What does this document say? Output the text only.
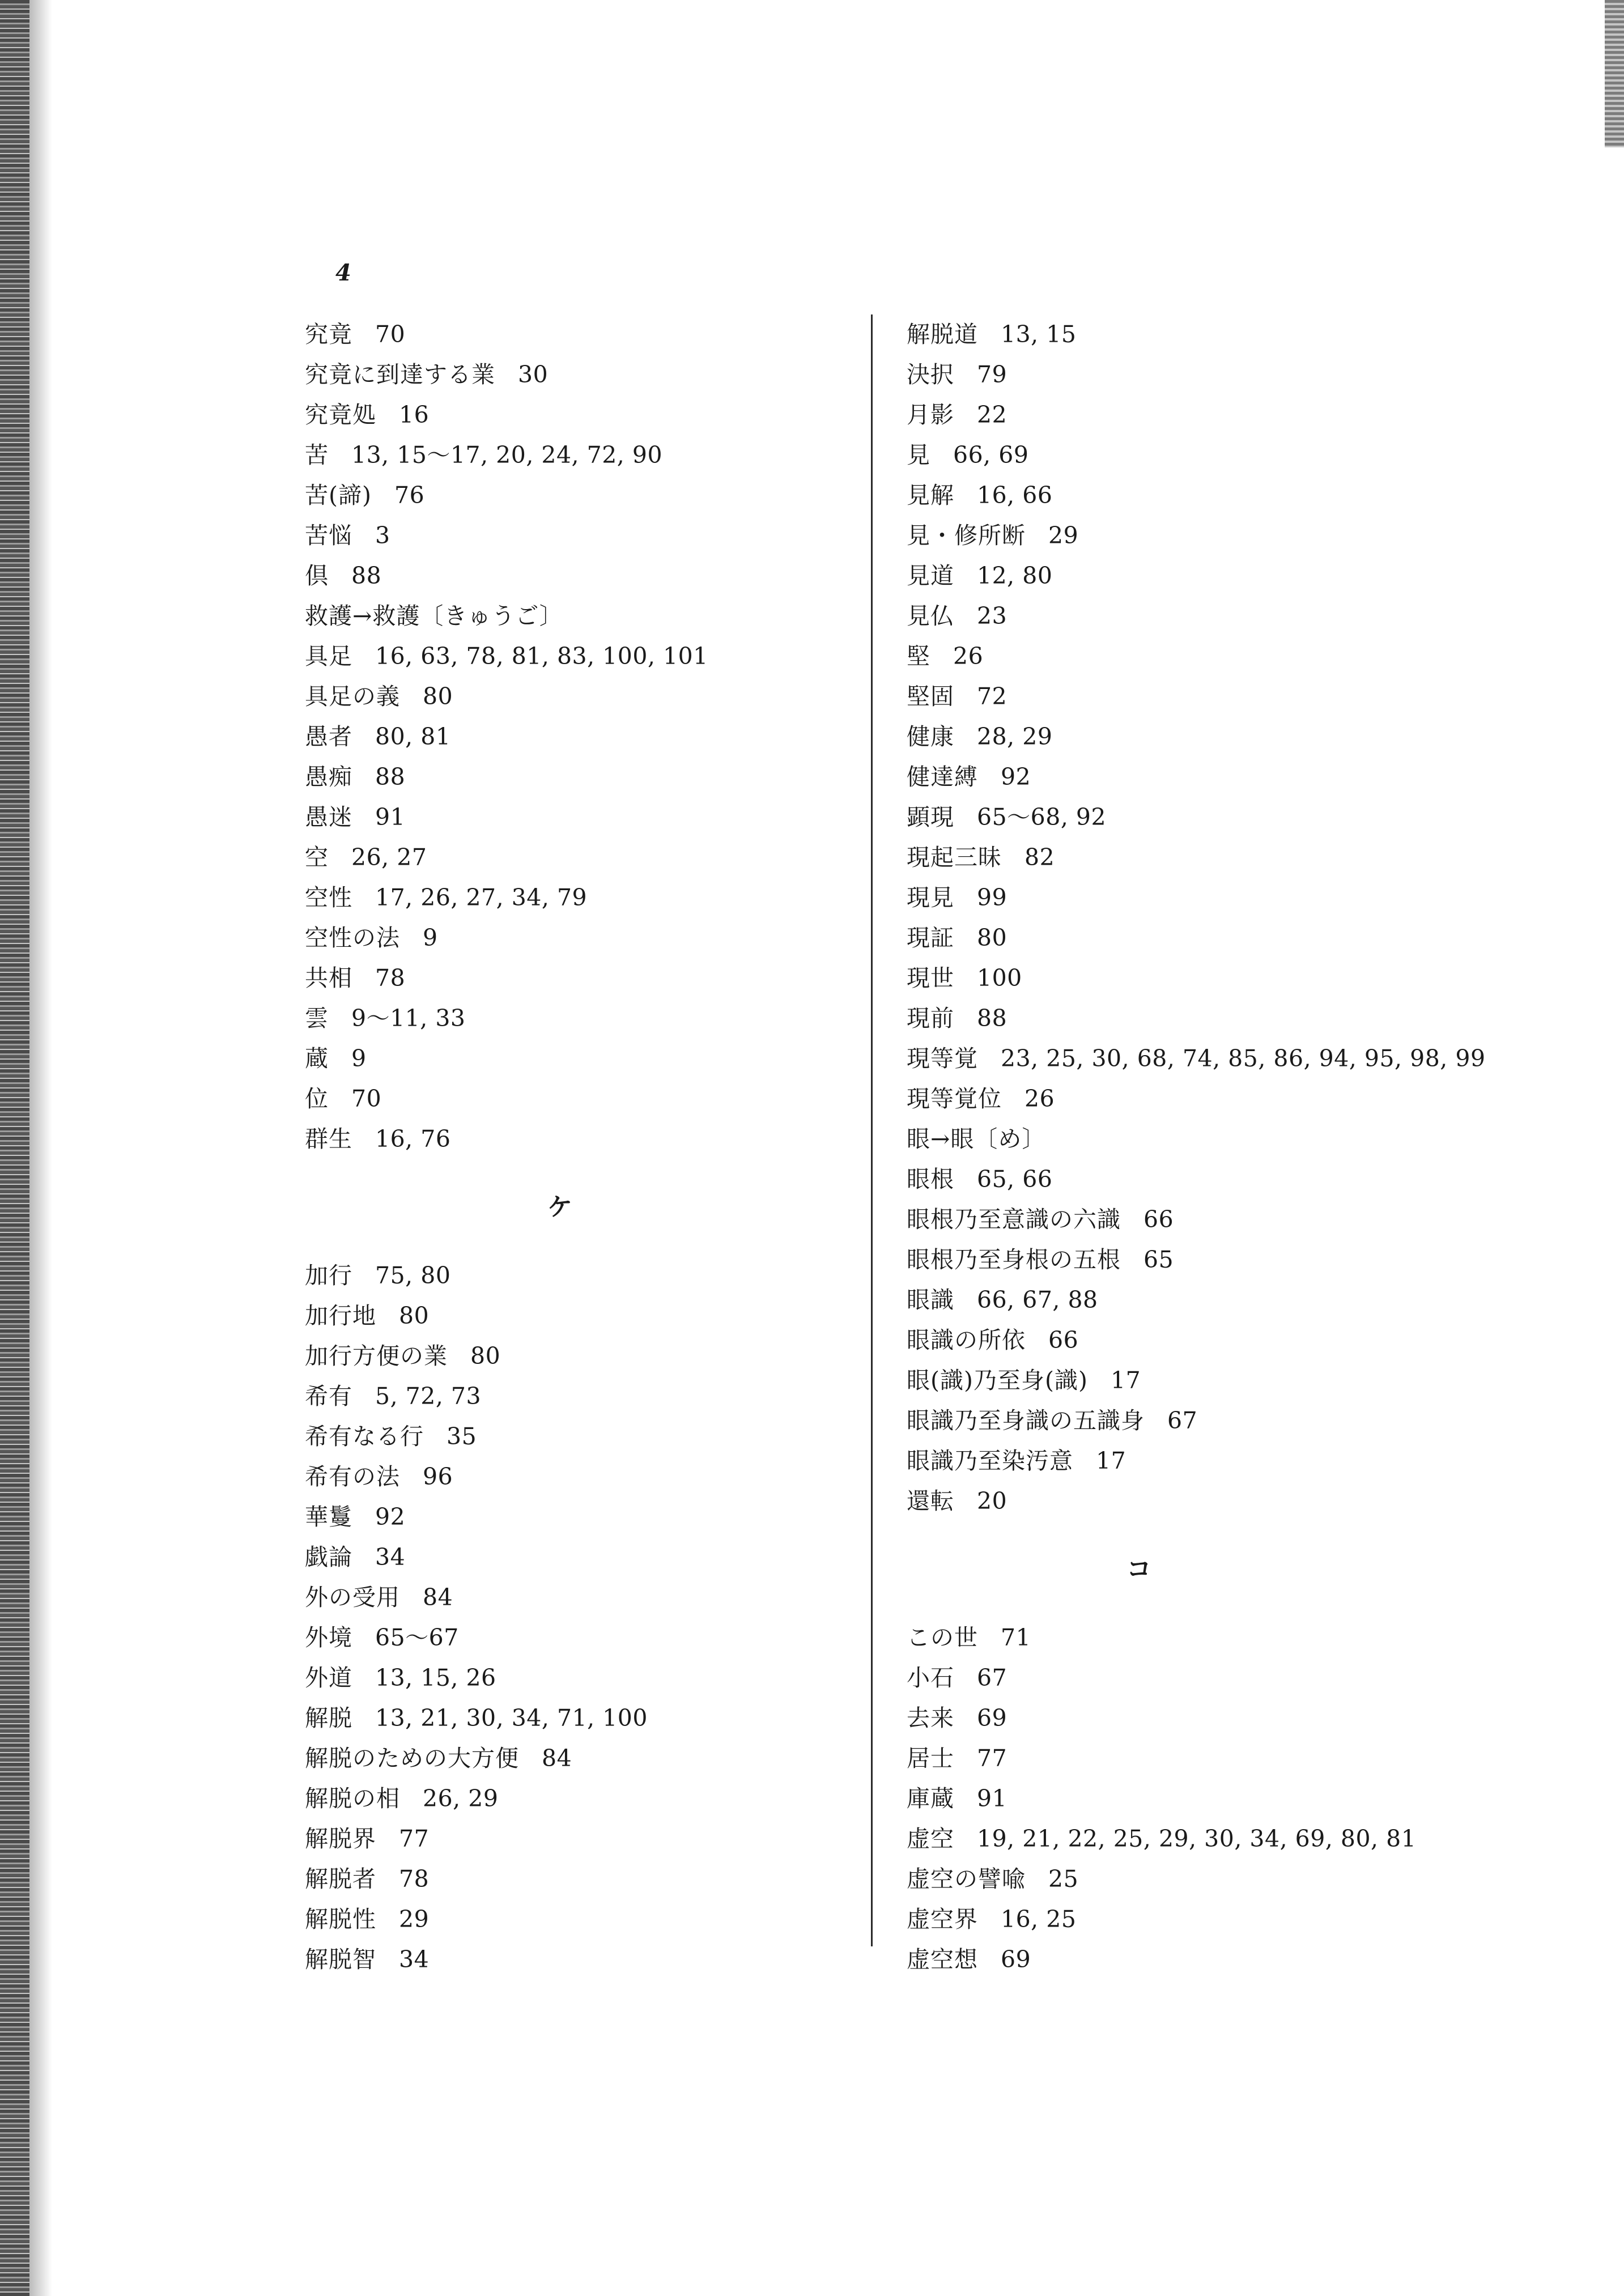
4
究竟 70
究竟に到達する業 30
究竟処 16
苦 13, 15〜17, 20, 24, 72, 90
苦(諦) 76
苦悩 3
倶 88
救護→救護〔きゅうご〕
具足 16, 63, 78, 81, 83, 100, 101
具足の義 80
愚者 80, 81
愚痴 88
愚迷 91
空 26, 27
空性 17, 26, 27, 34, 79
空性の法 9
共相 78
雲 9〜11, 33
蔵 9
位 70
群生 16, 76
ケ
加行 75, 80
加行地 80
加行方便の業 80
希有 5, 72, 73
希有なる行 35
希有の法 96
華鬘 92
戯論 34
外の受用 84
外境 65〜67
外道 13, 15, 26
解脱 13, 21, 30, 34, 71, 100
解脱のための大方便 84
解脱の相 26, 29
解脱界 77
解脱者 78
解脱性 29
解脱智 34
解脱道 13, 15
決択 79
月影 22
見 66, 69
見解 16, 66
見・修所断 29
見道 12, 80
見仏 23
堅 26
堅固 72
健康 28, 29
健達縛 92
顕現 65〜68, 92
現起三昧 82
現見 99
現証 80
現世 100
現前 88
現等覚 23, 25, 30, 68, 74, 85, 86, 94, 95, 98, 99
現等覚位 26
眼→眼〔め〕
眼根 65, 66
眼根乃至意識の六識 66
眼根乃至身根の五根 65
眼識 66, 67, 88
眼識の所依 66
眼(識)乃至身(識) 17
眼識乃至身識の五識身 67
眼識乃至染汚意 17
還転 20
コ
この世 71
小石 67
去来 69
居士 77
庫蔵 91
虚空 19, 21, 22, 25, 29, 30, 34, 69, 80, 81
虚空の譬喩 25
虚空界 16, 25
虚空想 69
